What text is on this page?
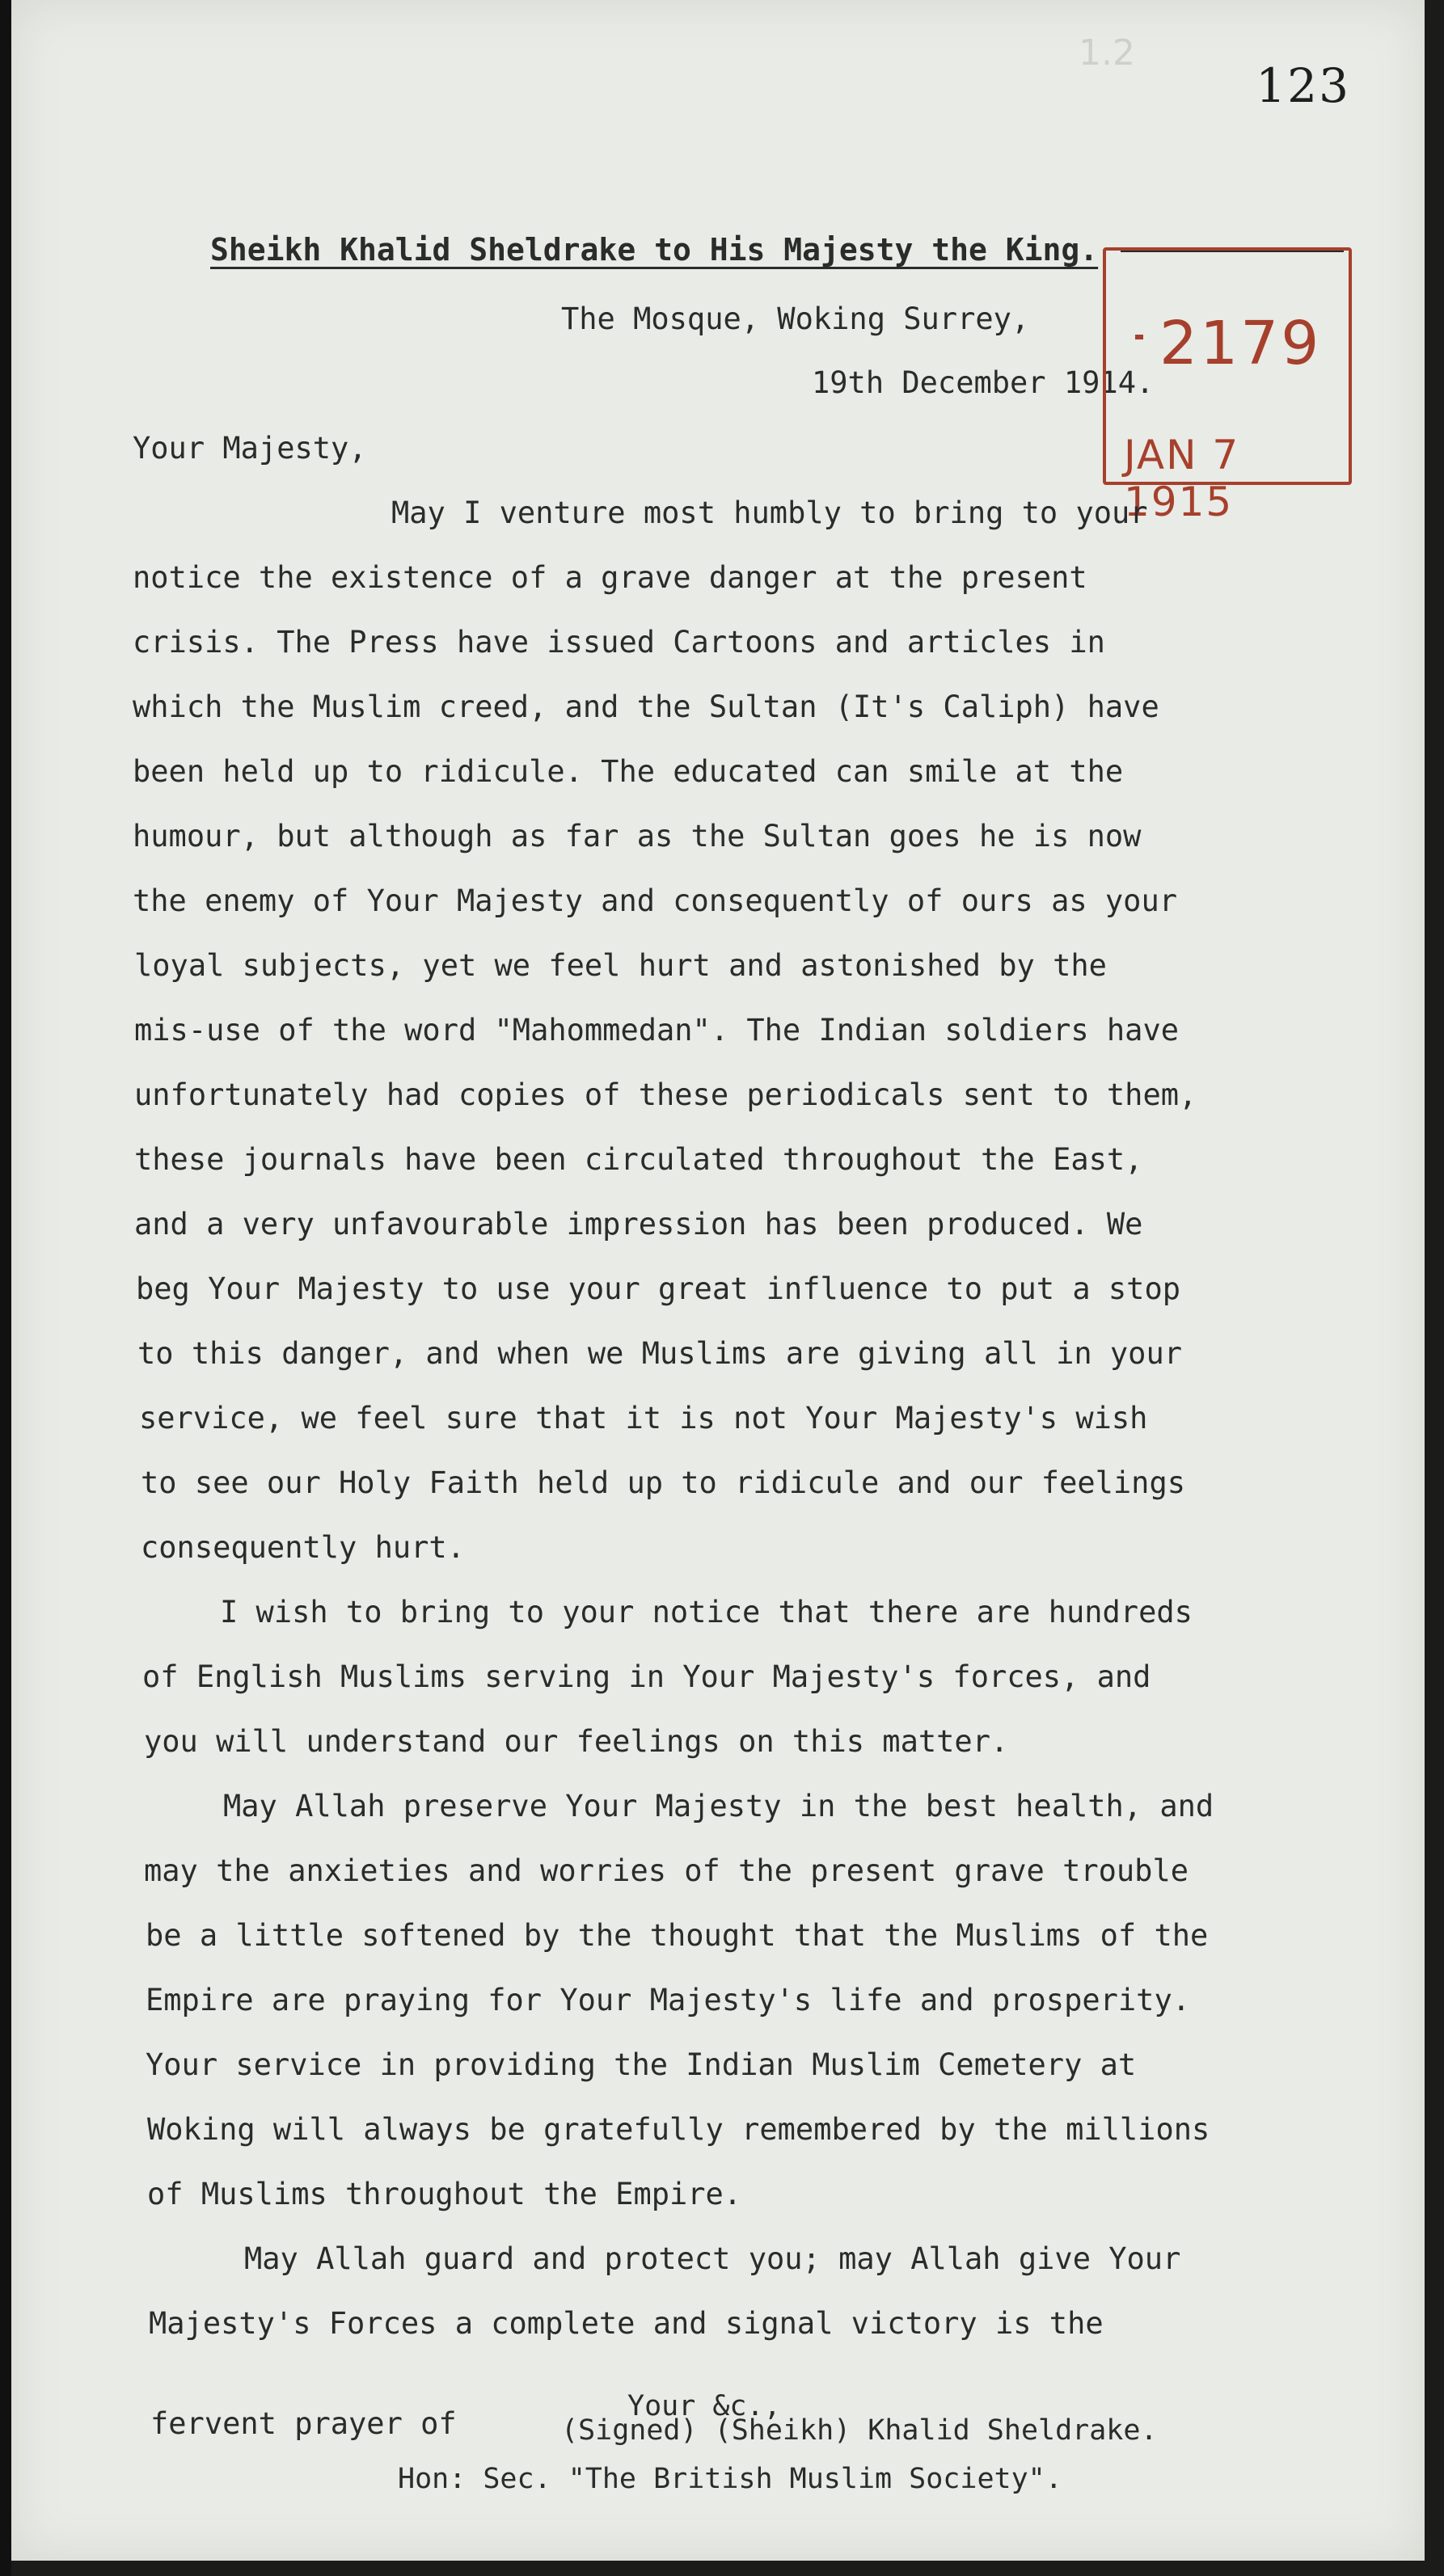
1.2
123
Sheikh Khalid Sheldrake to His Majesty the King.
The Mosque, Woking Surrey,
19th December 1914.
Your Majesty,
2179
JAN 7 1915
May I venture most humbly to bring to your
notice the existence of a grave danger at the present
crisis. The Press have issued Cartoons and articles in
which the Muslim creed, and the Sultan (It's Caliph) have
been held up to ridicule. The educated can smile at the
humour, but although as far as the Sultan goes he is now
the enemy of Your Majesty and consequently of ours as your
loyal subjects, yet we feel hurt and astonished by the
mis-use of the word "Mahommedan". The Indian soldiers have
unfortunately had copies of these periodicals sent to them,
these journals have been circulated throughout the East,
and a very unfavourable impression has been produced. We
beg Your Majesty to use your great influence to put a stop
to this danger, and when we Muslims are giving all in your
service, we feel sure that it is not Your Majesty's wish
to see our Holy Faith held up to ridicule and our feelings
consequently hurt.
I wish to bring to your notice that there are hundreds
of English Muslims serving in Your Majesty's forces, and
you will understand our feelings on this matter.
May Allah preserve Your Majesty in the best health, and
may the anxieties and worries of the present grave trouble
be a little softened by the thought that the Muslims of the
Empire are praying for Your Majesty's life and prosperity.
Your service in providing the Indian Muslim Cemetery at
Woking will always be gratefully remembered by the millions
of Muslims throughout the Empire.
May Allah guard and protect you; may Allah give Your
Majesty's Forces a complete and signal victory is the
fervent prayer of	Your &c.,
(Signed) (Sheikh) Khalid Sheldrake.
Hon: Sec. "The British Muslim Society".
